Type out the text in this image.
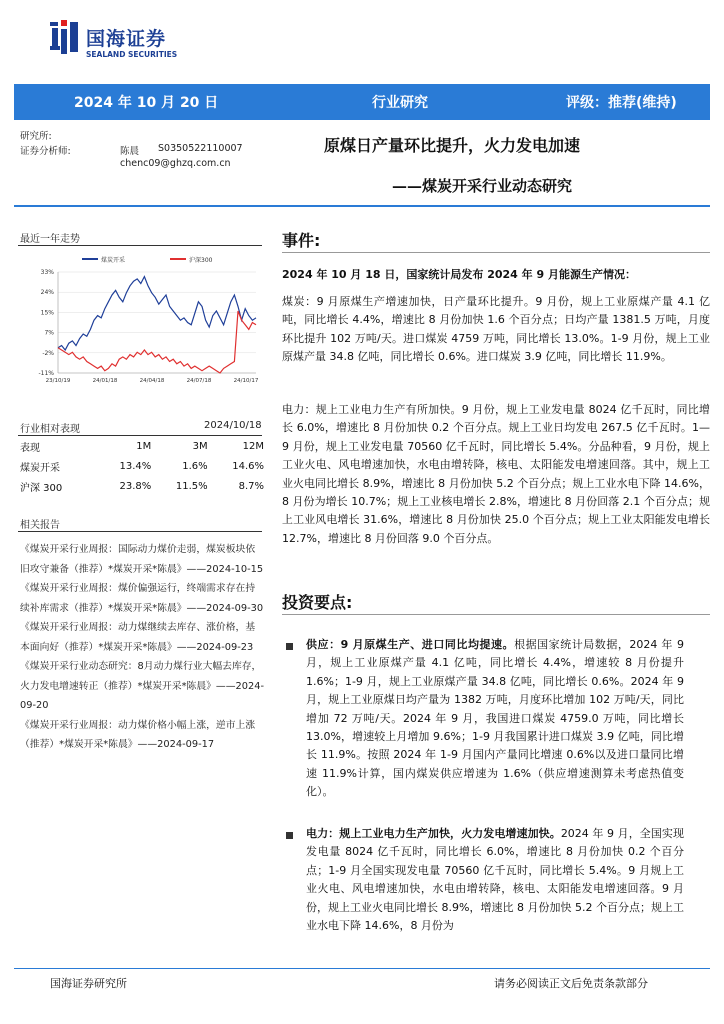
国海证券
SEALAND SECURITIES
2024 年 10 月 20 日	行业研究	评级：推荐(维持)
研究所:
证券分析师:	陈晨 S0350522110007
chenc09@ghzq.com.cn
原煤日产量环比提升，火力发电加速
——煤炭开采行业动态研究
最近一年走势
煤炭开采	沪深300
33%
24%
15%
7%
-2%
-11%
23/10/19	24/01/18	24/04/18	24/07/18	24/10/17
行业相对表现	2024/10/18
表现	1M	3M	12M
煤炭开采	13.4%	1.6%	14.6%
沪深 300	23.8%	11.5%	8.7%
相关报告
《煤炭开采行业周报：国际动力煤价走弱，煤炭板块依旧攻守兼备（推荐）*煤炭开采*陈晨》——2024-10-15
《煤炭开采行业周报：煤价偏强运行，终端需求存在持续补库需求（推荐）*煤炭开采*陈晨》——2024-09-30
《煤炭开采行业周报：动力煤继续去库存、涨价格，基本面向好（推荐）*煤炭开采*陈晨》——2024-09-23
《煤炭开采行业动态研究：8月动力煤行业大幅去库存，火力发电增速转正（推荐）*煤炭开采*陈晨》——2024-09-20
《煤炭开采行业周报：动力煤价格小幅上涨，逆市上涨（推荐）*煤炭开采*陈晨》——2024-09-17
事件:
2024 年 10 月 18 日，国家统计局发布 2024 年 9 月能源生产情况：
煤炭：9 月原煤生产增速加快，日产量环比提升。9 月份，规上工业原煤产量 4.1 亿吨，同比增长 4.4%，增速比 8 月份加快 1.6 个百分点；日均产量 1381.5 万吨，月度环比提升 102 万吨/天。进口煤炭 4759 万吨，同比增长 13.0%。1-9 月份，规上工业原煤产量 34.8 亿吨，同比增长 0.6%。进口煤炭 3.9 亿吨，同比增长 11.9%。
电力：规上工业电力生产有所加快。9 月份，规上工业发电量 8024 亿千瓦时，同比增长 6.0%，增速比 8 月份加快 0.2 个百分点。规上工业日均发电 267.5 亿千瓦时。1—9 月份，规上工业发电量 70560 亿千瓦时，同比增长 5.4%。分品种看，9 月份，规上工业火电、风电增速加快，水电由增转降，核电、太阳能发电增速回落。其中，规上工业火电同比增长 8.9%，增速比 8 月份加快 5.2 个百分点；规上工业水电下降 14.6%，8 月份为增长 10.7%；规上工业核电增长 2.8%，增速比 8 月份回落 2.1 个百分点；规上工业风电增长 31.6%，增速比 8 月份加快 25.0 个百分点；规上工业太阳能发电增长 12.7%，增速比 8 月份回落 9.0 个百分点。
投资要点:
供应：9 月原煤生产、进口同比均提速。根据国家统计局数据，2024 年 9 月，规上工业原煤产量 4.1 亿吨，同比增长 4.4%，增速较 8 月份提升 1.6%；1-9 月，规上工业原煤产量 34.8 亿吨，同比增长 0.6%。2024 年 9 月，规上工业原煤日均产量为 1382 万吨，月度环比增加 102 万吨/天，同比增加 72 万吨/天。2024 年 9 月，我国进口煤炭 4759.0 万吨，同比增长 13.0%，增速较上月增加 9.6%；1-9 月我国累计进口煤炭 3.9 亿吨，同比增长 11.9%。按照 2024 年 1-9 月国内产量同比增速 0.6%以及进口量同比增速 11.9%计算，国内煤炭供应增速为 1.6%（供应增速测算未考虑热值变化）。
电力：规上工业电力生产加快，火力发电增速加快。2024 年 9 月，全国实现发电量 8024 亿千瓦时，同比增长 6.0%，增速比 8 月份加快 0.2 个百分点；1-9 月全国实现发电量 70560 亿千瓦时，同比增长 5.4%。9 月规上工业火电、风电增速加快，水电由增转降，核电、太阳能发电增速回落。9 月份，规上工业火电同比增长 8.9%，增速比 8 月份加快 5.2 个百分点；规上工业水电下降 14.6%，8 月份为
国海证券研究所	请务必阅读正文后免责条款部分
